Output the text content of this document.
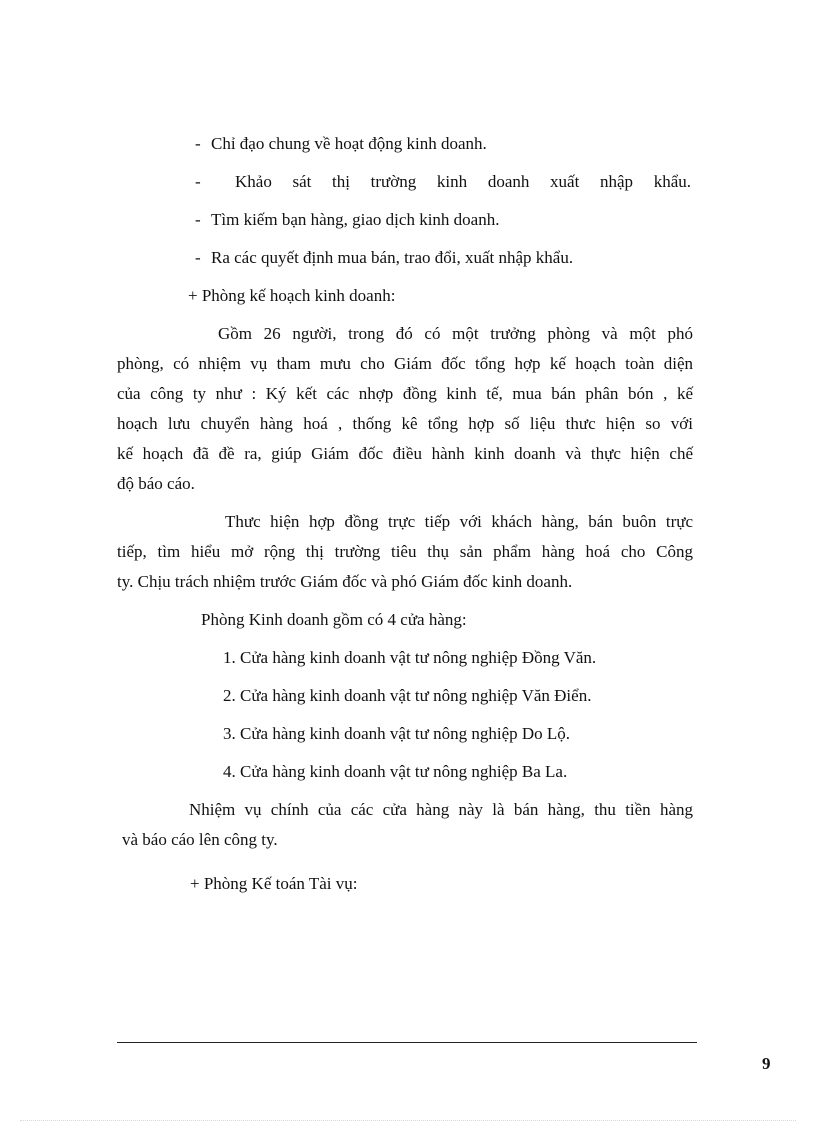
- Chỉ đạo chung về hoạt động kinh doanh.
- Khảo sát thị trường kinh doanh xuất nhập khẩu.
- Tìm kiếm bạn hàng, giao dịch kinh doanh.
- Ra các quyết định mua bán, trao đổi, xuất nhập khẩu.
+ Phòng kế hoạch kinh doanh:
Gồm 26 người, trong đó có một trưởng phòng và một phó
phòng, có nhiệm vụ tham mưu cho Giám đốc tổng hợp kế hoạch toàn diện
của công ty như : Ký kết các nhợp đồng kinh tế, mua bán phân bón , kế
hoạch lưu chuyển hàng hoá , thống kê tổng hợp số liệu thưc hiện so với
kế hoạch đã đề ra, giúp Giám đốc điều hành kinh doanh và thực hiện chế
độ báo cáo.
Thưc hiện hợp đồng trực tiếp với khách hàng, bán buôn trực
tiếp, tìm hiểu mở rộng thị trường tiêu thụ sản phẩm hàng hoá cho Công
ty. Chịu trách nhiệm trước Giám đốc và phó Giám đốc kinh doanh.
Phòng Kinh doanh gồm có 4 cửa hàng:
1. Cửa hàng kinh doanh vật tư nông nghiệp Đồng Văn.
2. Cửa hàng kinh doanh vật tư nông nghiệp Văn Điển.
3. Cửa hàng kinh doanh vật tư nông nghiệp Do Lộ.
4. Cửa hàng kinh doanh vật tư nông nghiệp Ba La.
Nhiệm vụ chính của các cửa hàng này là bán hàng, thu tiền hàng
và báo cáo lên công ty.
+ Phòng Kế toán Tài vụ:
9
